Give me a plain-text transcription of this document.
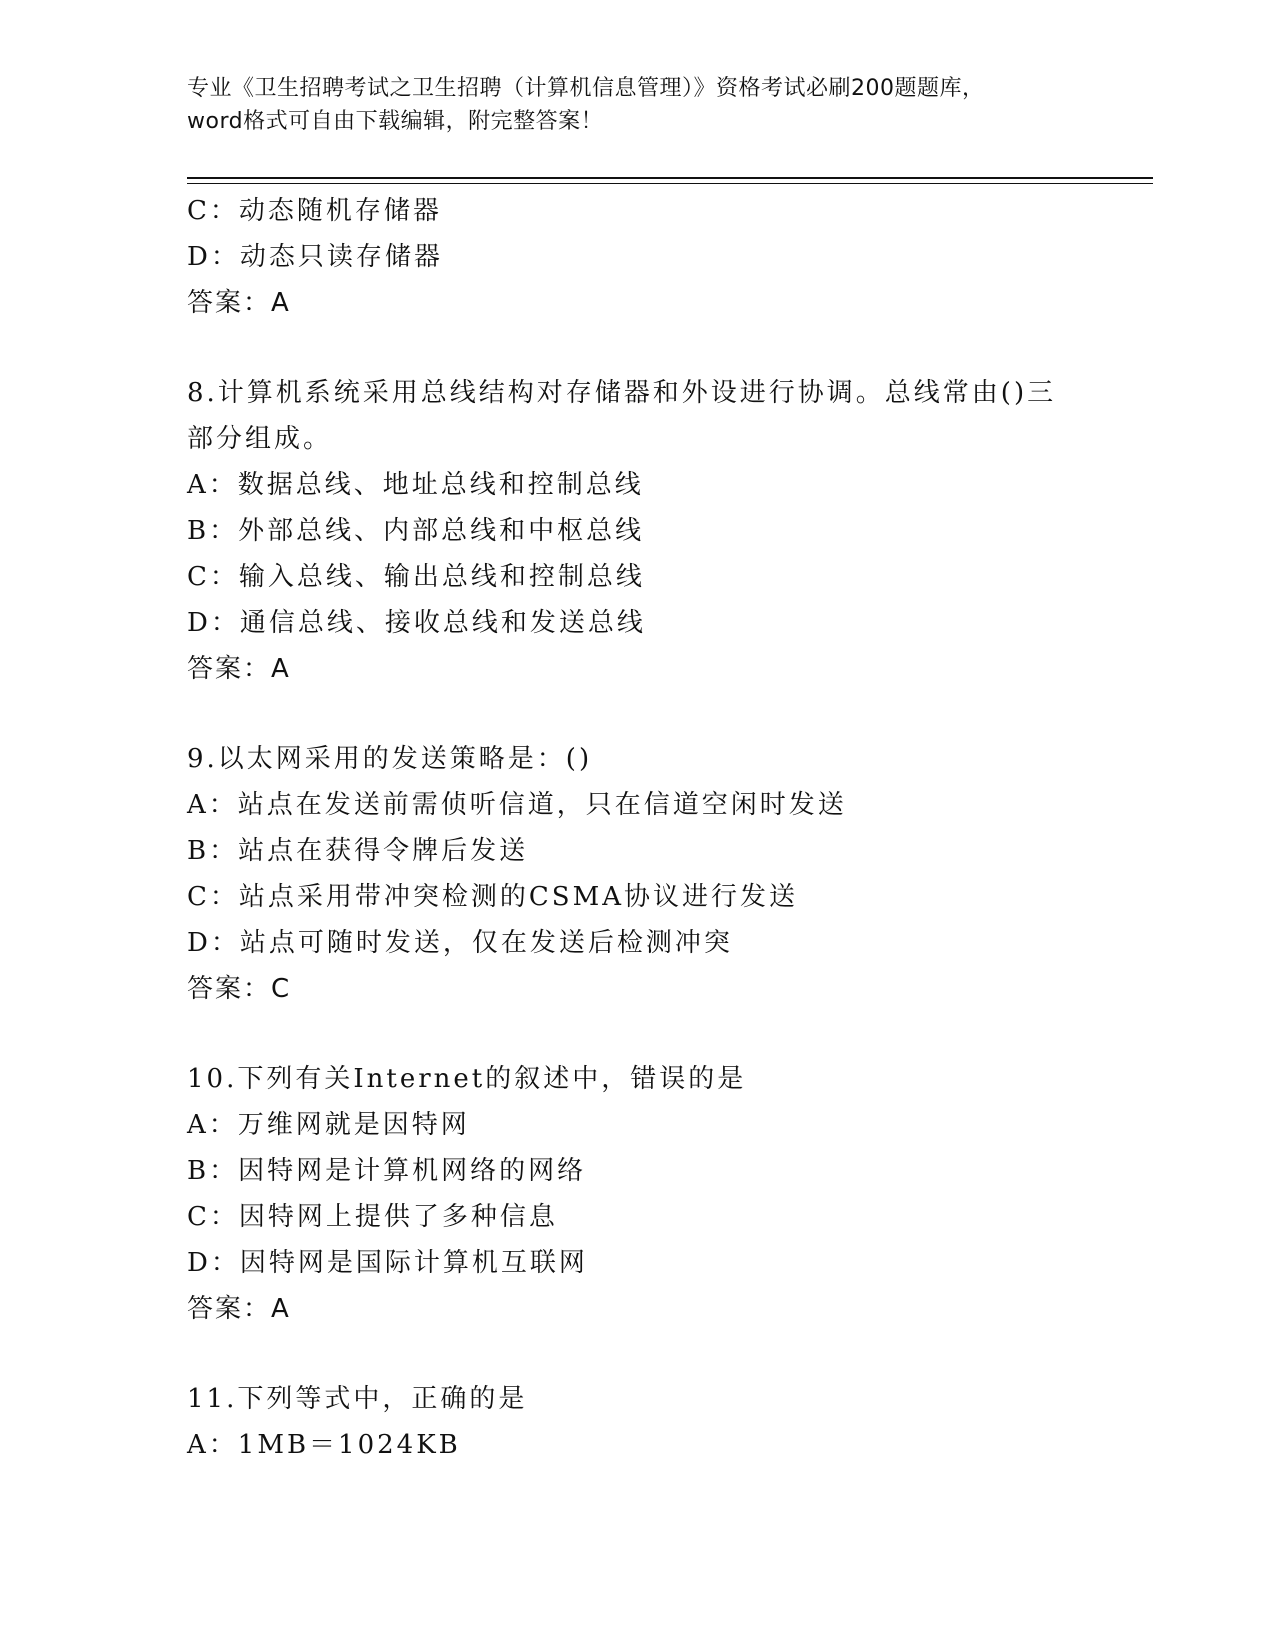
专业《卫生招聘考试之卫生招聘（计算机信息管理）》资格考试必刷200题题库，
word格式可自由下载编辑，附完整答案！
C：动态随机存储器
D：动态只读存储器
答案：A
8.计算机系统采用总线结构对存储器和外设进行协调。总线常由()三
部分组成。
A：数据总线、地址总线和控制总线
B：外部总线、内部总线和中枢总线
C：输入总线、输出总线和控制总线
D：通信总线、接收总线和发送总线
答案：A
9.以太网采用的发送策略是：()
A：站点在发送前需侦听信道，只在信道空闲时发送
B：站点在获得令牌后发送
C：站点采用带冲突检测的CSMA协议进行发送
D：站点可随时发送，仅在发送后检测冲突
答案：C
10.下列有关Internet的叙述中，错误的是
A：万维网就是因特网
B：因特网是计算机网络的网络
C：因特网上提供了多种信息
D：因特网是国际计算机互联网
答案：A
11.下列等式中，正确的是
A：1MB＝1024KB
